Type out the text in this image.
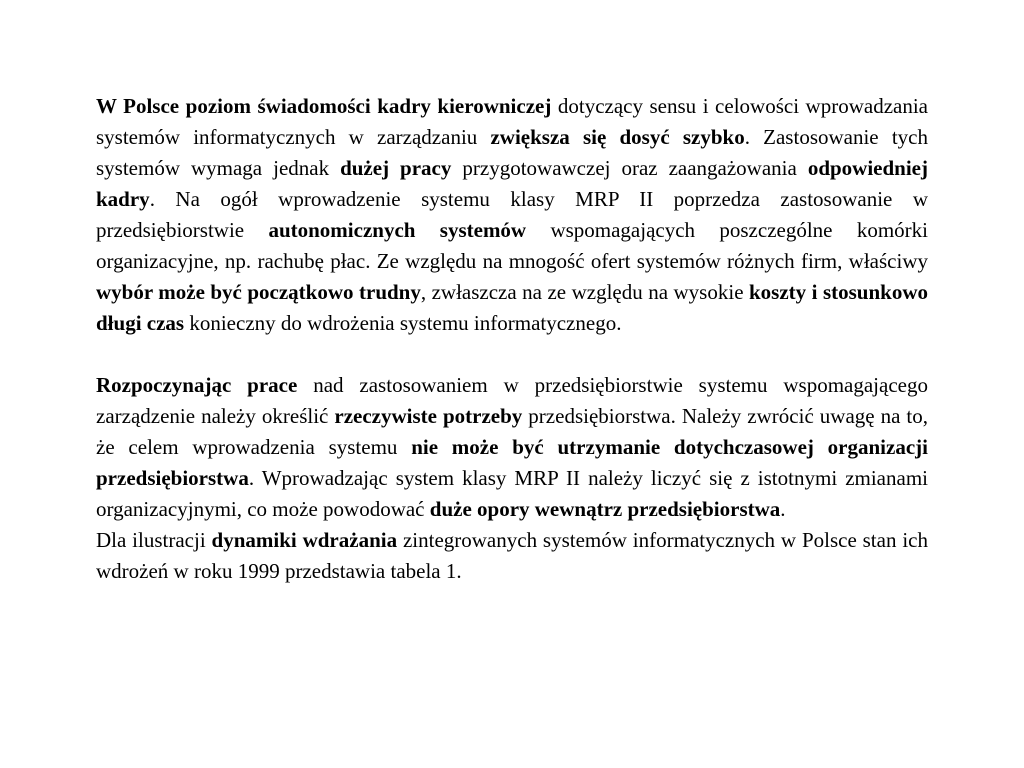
W Polsce poziom świadomości kadry kierowniczej dotyczący sensu i celowości wprowadzania systemów informatycznych w zarządzaniu zwiększa się dosyć szybko. Zastosowanie tych systemów wymaga jednak dużej pracy przygotowawczej oraz zaangażowania odpowiedniej kadry. Na ogół wprowadzenie systemu klasy MRP II poprzedza zastosowanie w przedsiębiorstwie autonomicznych systemów wspomagających poszczególne komórki organizacyjne, np. rachubę płac. Ze względu na mnogość ofert systemów różnych firm, właściwy wybór może być początkowo trudny, zwłaszcza na ze względu na wysokie koszty i stosunkowo długi czas konieczny do wdrożenia systemu informatycznego.

Rozpoczynając prace nad zastosowaniem w przedsiębiorstwie systemu wspomagającego zarządzenie należy określić rzeczywiste potrzeby przedsiębiorstwa. Należy zwrócić uwagę na to, że celem wprowadzenia systemu nie może być utrzymanie dotychczasowej organizacji przedsiębiorstwa. Wprowadzając system klasy MRP II należy liczyć się z istotnymi zmianami organizacyjnymi, co może powodować duże opory wewnątrz przedsiębiorstwa.

Dla ilustracji dynamiki wdrażania zintegrowanych systemów informatycznych w Polsce stan ich wdrożeń w roku 1999 przedstawia tabela 1.
